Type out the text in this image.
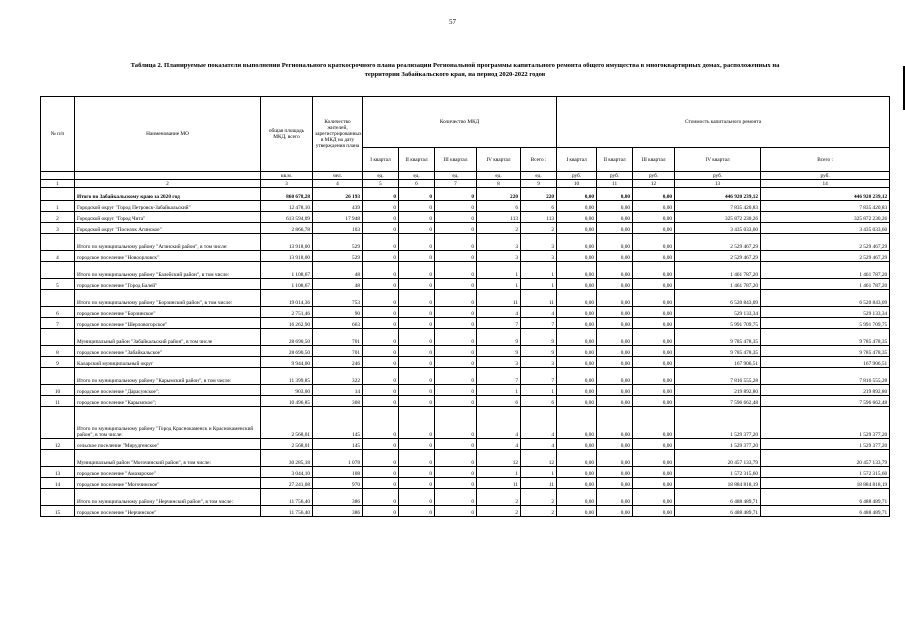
57
Таблица 2. Планируемые показатели выполнения Регионального краткосрочного плана реализации Региональной программы капитального ремонта общего имущества в многоквартирных домах, расположенных на
территории Забайкальского края, на период 2020-2022 годов
№ п/п	Наименование МО	общая площадь МКД, всего	Количество жителей, зарегистрированных в МКД на дату утверждения плана	Количество МКД					Стоимость капитального ремонта				
				I квартал	II квартал	III квартал	IV квартал	Всего :	I квартал	II квартал	III квартал	IV квартал	Всего :
		кв.м.	чел.	ед.	ед.	ед.	ед.	ед.	руб.	руб.	руб.	руб.	руб.
1	2	3	4	5	6	7	8	9	10	11	12	13	14
	Итого по Забайкальскому краю за 2020 год	860 678,28	26 193	0	0	0	220	220	0,00	0,00	0,00	446 920 239,12	446 920 239,12
1	Городской округ "Город Петровск-Забайкальский"	12 478,10	439	0	0	0	6	6	0,00	0,00	0,00	7 835 420,83	7 835 420,83
2	Городской округ "Город Чита"	613 594,09	17 948	0	0	0	113	113	0,00	0,00	0,00	325 872 230,26	325 872 230,26
3	Городской округ "Поселок Агинское"	2 866,78	103	0	0	0	2	2	0,00	0,00	0,00	3 435 033,60	3 435 033,60
	Итого по муниципальному району "Агинский район", в том числе:	13 918,00	529	0	0	0	3	3	0,00	0,00	0,00	2 529 467,29	2 529 467,29
4	городское поселение "Новоорловск"	13 918,00	529	0	0	0	3	3	0,00	0,00	0,00	2 529 467,29	2 529 467,29
	Итого по муниципальному району "Балейский район", в том числе:	1 108,67	48	0	0	0	1	1	0,00	0,00	0,00	1 461 787,20	1 461 787,20
5	городское поселение "Город Балей"	1 108,67	48	0	0	0	1	1	0,00	0,00	0,00	1 461 787,20	1 461 787,20
	Итого по муниципальному району "Борзинский район", в том числе:	19 014,36	753	0	0	0	11	11	0,00	0,00	0,00	6 520 843,09	6 520 843,09
6	городское поселение "Борзинское"	2 751,46	90	0	0	0	4	4	0,00	0,00	0,00	529 133,34	529 133,34
7	городское поселение "Шерловогорское"	16 262,90	663	0	0	0	7	7	0,00	0,00	0,00	5 991 709,75	5 991 709,75
	Муниципальный район "Забайкальский район", в том числе	28 690,50	701	0	0	0	9	9	0,00	0,00	0,00	9 785 478,35	9 785 478,35
8	городское поселение "Забайкальское"	28 690,50	701	0	0	0	9	9	0,00	0,00	0,00	9 785 478,35	9 785 478,35
9	Каларский муниципальный округ	9 944,00	246	0	0	0	3	3	0,00	0,00	0,00	167 906,51	167 906,51
	Итого по муниципальному району "Карымский район", в том числе:	11 399,85	322	0	0	0	7	7	0,00	0,00	0,00	7 816 555,28	7 816 555,28
10	городское поселение "Дарасунское";	903,00	14	0	0	0	1	1	0,00	0,00	0,00	219 892,80	219 892,80
11	городское поселение "Карымское";	10 496,85	308	0	0	0	6	6	0,00	0,00	0,00	7 596 662,48	7 596 662,48
	Итого по муниципальному району "Город Краснокаменск и Краснокаменский район", в том числе:	2 568,01	145	0	0	0	4	4	0,00	0,00	0,00	1 529 377,20	1 529 377,20
12	сельское поселение "Мирудгенское"	2 568,01	145	0	0	0	4	4	0,00	0,00	0,00	1 529 377,20	1 529 377,20
	Муниципальный район "Могочинский район", в том числе:	30 285,18	1 078	0	0	0	12	12	0,00	0,00	0,00	20 457 133,79	20 457 133,79
13	городское поселение "Амазарское"	3 044,10	108	0	0	0	1	1	0,00	0,00	0,00	1 572 315,60	1 572 315,60
14	городское поселение "Могочинское"	27 241,08	970	0	0	0	11	11	0,00	0,00	0,00	18 884 818,19	18 884 818,19
	Итого по муниципальному району "Нерчинский район", в том числе:	11 756,40	386	0	0	0	2	2	0,00	0,00	0,00	6 488 489,71	6 488 489,71
15	городское поселение "Нерчинское"	11 756,40	386	0	0	0	2	2	0,00	0,00	0,00	6 488 489,71	6 488 489,71
